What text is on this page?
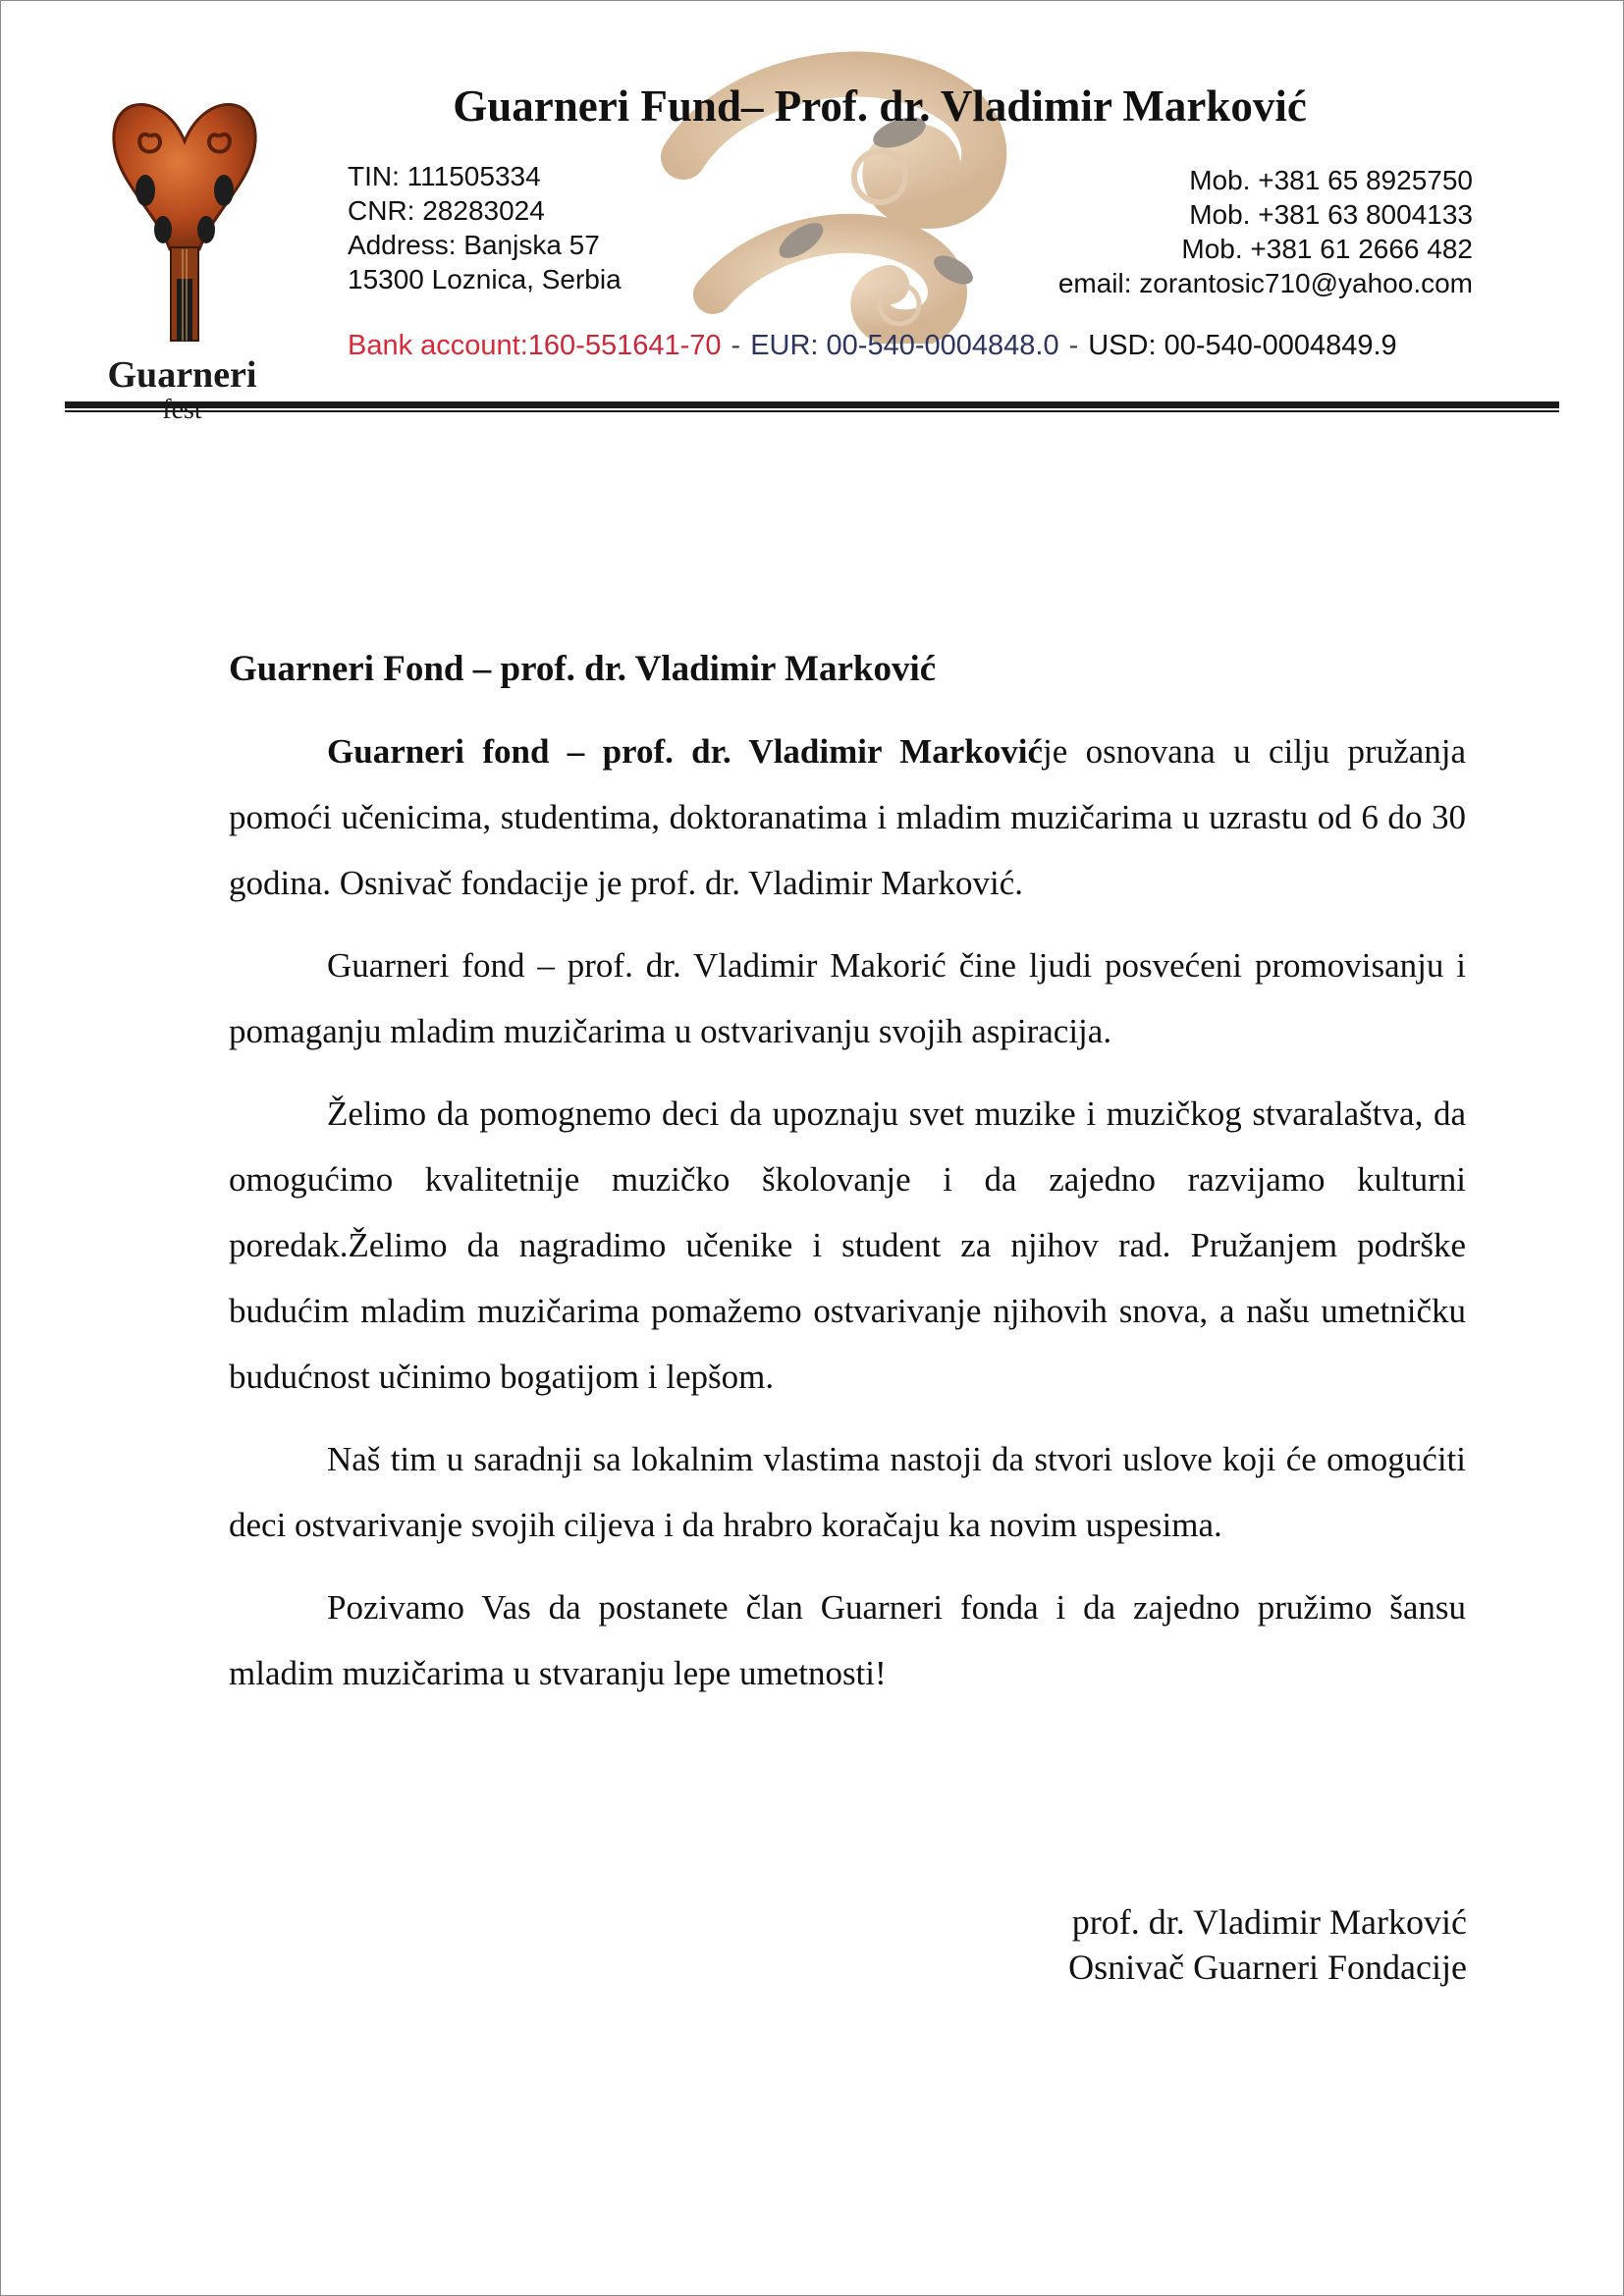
Guarneri
Guarneri Fund– Prof. dr. Vladimir Marković
TIN: 111505334
CNR: 28283024
Address: Banjska 57
15300 Loznica, Serbia
Mob. +381 65 8925750
Mob. +381 63 8004133
Mob. +381 61 2666 482
email: zorantosic710@yahoo.com
Bank account:160-551641-70 - EUR: 00-540-0004848.0 - USD: 00-540-0004849.9
Guarneri Fond – prof. dr. Vladimir Marković

Guarneri fond – prof. dr. Vladimir Markovićje osnovana u cilju pružanja pomoći učenicima, studentima, doktoranatima i mladim muzičarima u uzrastu od 6 do 30 godina. Osnivač fondacije je prof. dr. Vladimir Marković.

Guarneri fond – prof. dr. Vladimir Makorić čine ljudi posvećeni promovisanju i pomaganju mladim muzičarima u ostvarivanju svojih aspiracija.

Želimo da pomognemo deci da upoznaju svet muzike i muzičkog stvaralaštva, da omogućimo kvalitetnije muzičko školovanje i da zajedno razvijamo kulturni poredak.Želimo da nagradimo učenike i student za njihov rad. Pružanjem podrške budućim mladim muzičarima pomažemo ostvarivanje njihovih snova, a našu umetničku budućnost učinimo bogatijom i lepšom.

Naš tim u saradnji sa lokalnim vlastima nastoji da stvori uslove koji će omogućiti deci ostvarivanje svojih ciljeva i da hrabro koračaju ka novim uspesima.

Pozivamo Vas da postanete član Guarneri fonda i da zajedno pružimo šansu mladim muzičarima u stvaranju lepe umetnosti!

prof. dr. Vladimir Marković
Osnivač Guarneri Fondacije
